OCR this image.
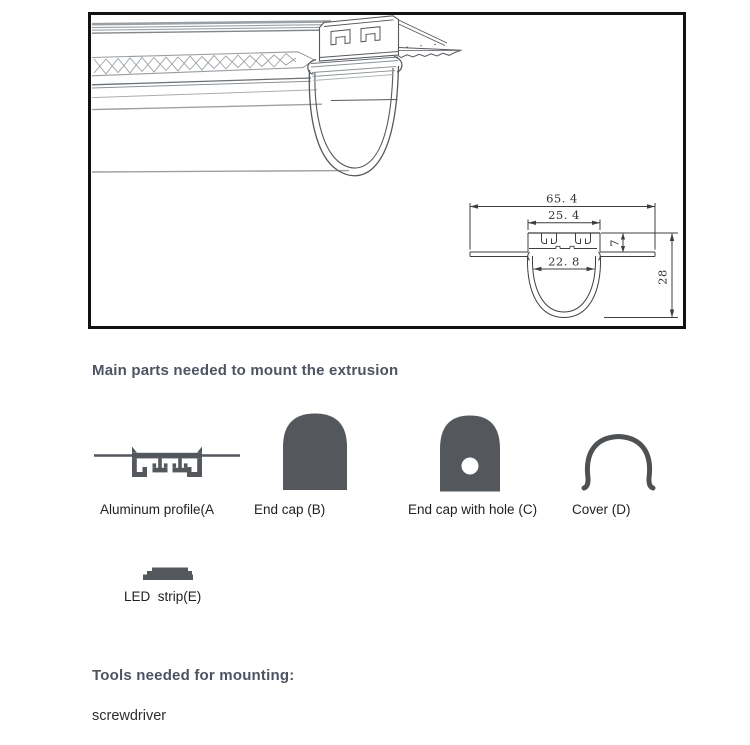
65. 4
25. 4
22. 8
7
28
Main parts needed to mount the extrusion
Aluminum profile(A	End cap (B)	End cap with hole (C)	Cover (D)
LED  strip(E)
Tools needed for mounting:
screwdriver
